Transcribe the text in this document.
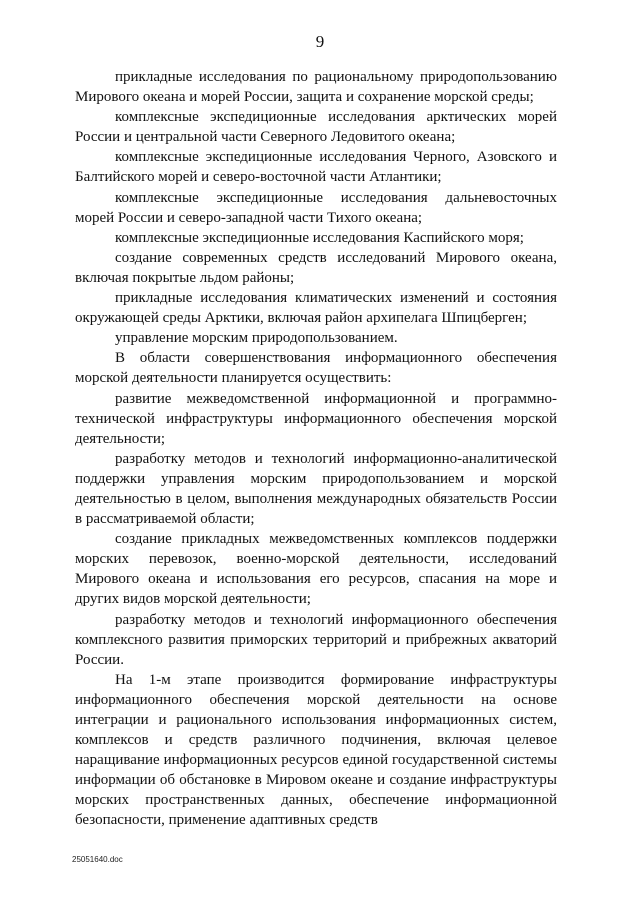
9

прикладные исследования по рациональному природопользованию Мирового океана и морей России, защита и сохранение морской среды;

комплексные экспедиционные исследования арктических морей России и центральной части Северного Ледовитого океана;

комплексные экспедиционные исследования Черного, Азовского и Балтийского морей и северо-восточной части Атлантики;

комплексные экспедиционные исследования дальневосточных морей России и северо-западной части Тихого океана;

комплексные экспедиционные исследования Каспийского моря;

создание современных средств исследований Мирового океана, включая покрытые льдом районы;

прикладные исследования климатических изменений и состояния окружающей среды Арктики, включая район архипелага Шпицберген;

управление морским природопользованием.

В области совершенствования информационного обеспечения морской деятельности планируется осуществить:

развитие межведомственной информационной и программно-технической инфраструктуры информационного обеспечения морской деятельности;

разработку методов и технологий информационно-аналитической поддержки управления морским природопользованием и морской деятельностью в целом, выполнения международных обязательств России в рассматриваемой области;

создание прикладных межведомственных комплексов поддержки морских перевозок, военно-морской деятельности, исследований Мирового океана и использования его ресурсов, спасания на море и других видов морской деятельности;

разработку методов и технологий информационного обеспечения комплексного развития приморских территорий и прибрежных акваторий России.

На 1-м этапе производится формирование инфраструктуры информационного обеспечения морской деятельности на основе интеграции и рационального использования информационных систем, комплексов и средств различного подчинения, включая целевое наращивание информационных ресурсов единой государственной системы информации об обстановке в Мировом океане и создание инфраструктуры морских пространственных данных, обеспечение информационной безопасности, применение адаптивных средств

25051640.doc
